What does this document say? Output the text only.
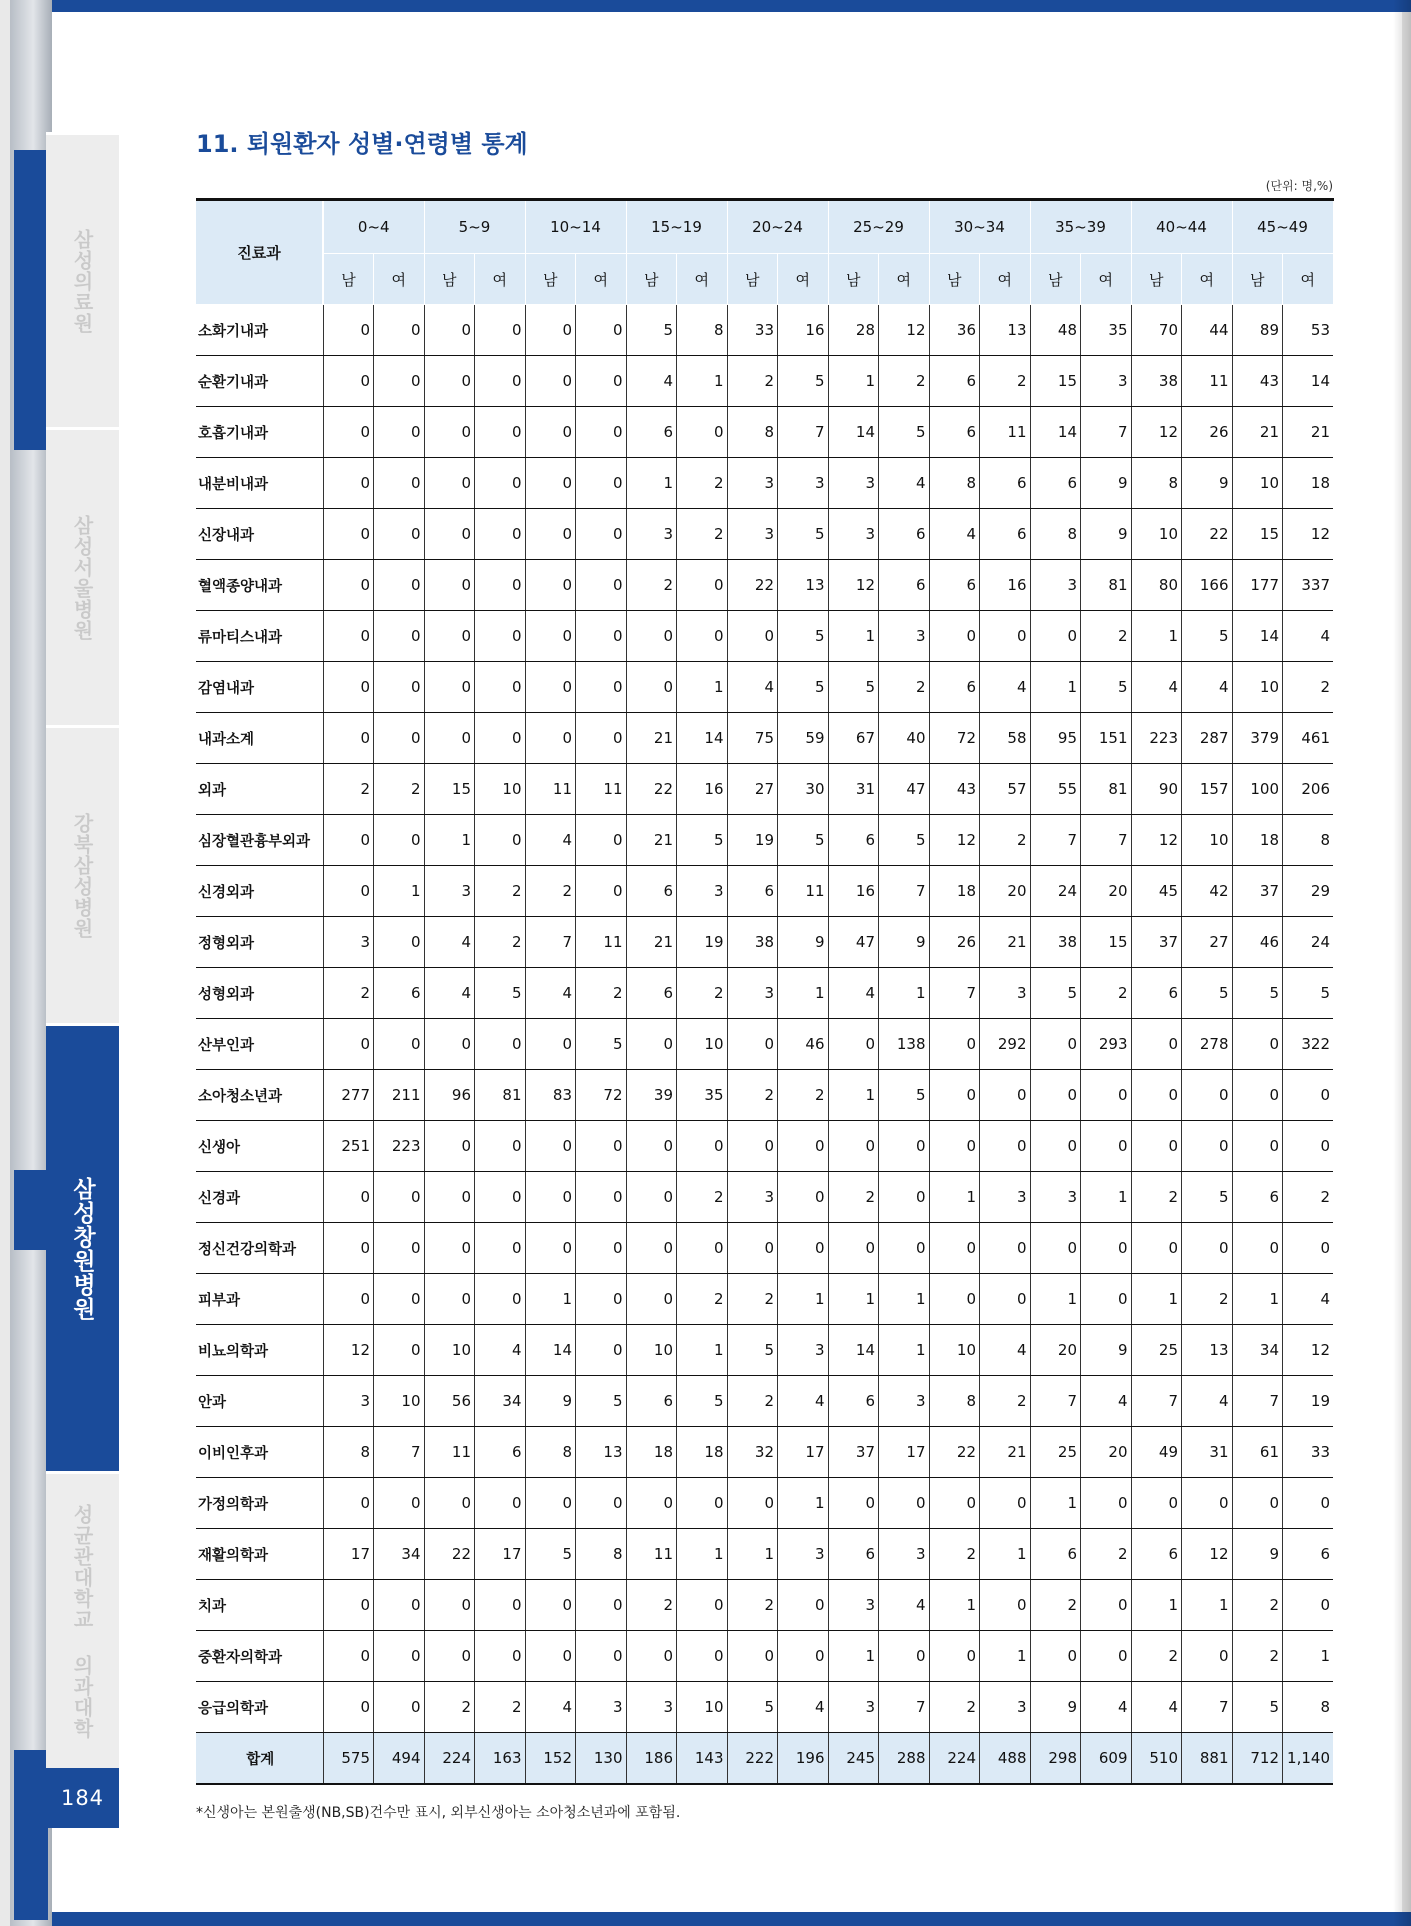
삼성의료원
삼성서울병원
강북삼성병원
삼성창원병원
성균관대학교 의과대학
184
11. 퇴원환자 성별·연령별 통계
(단위: 명,%)
진료과	0~4		5~9		10~14		15~19		20~24		25~29		30~34		35~39		40~44		45~49	
	남	여	남	여	남	여	남	여	남	여	남	여	남	여	남	여	남	여	남	여
소화기내과	0	0	0	0	0	0	5	8	33	16	28	12	36	13	48	35	70	44	89	53
순환기내과	0	0	0	0	0	0	4	1	2	5	1	2	6	2	15	3	38	11	43	14
호흡기내과	0	0	0	0	0	0	6	0	8	7	14	5	6	11	14	7	12	26	21	21
내분비내과	0	0	0	0	0	0	1	2	3	3	3	4	8	6	6	9	8	9	10	18
신장내과	0	0	0	0	0	0	3	2	3	5	3	6	4	6	8	9	10	22	15	12
혈액종양내과	0	0	0	0	0	0	2	0	22	13	12	6	6	16	3	81	80	166	177	337
류마티스내과	0	0	0	0	0	0	0	0	0	5	1	3	0	0	0	2	1	5	14	4
감염내과	0	0	0	0	0	0	0	1	4	5	5	2	6	4	1	5	4	4	10	2
내과소계	0	0	0	0	0	0	21	14	75	59	67	40	72	58	95	151	223	287	379	461
외과	2	2	15	10	11	11	22	16	27	30	31	47	43	57	55	81	90	157	100	206
심장혈관흉부외과	0	0	1	0	4	0	21	5	19	5	6	5	12	2	7	7	12	10	18	8
신경외과	0	1	3	2	2	0	6	3	6	11	16	7	18	20	24	20	45	42	37	29
정형외과	3	0	4	2	7	11	21	19	38	9	47	9	26	21	38	15	37	27	46	24
성형외과	2	6	4	5	4	2	6	2	3	1	4	1	7	3	5	2	6	5	5	5
산부인과	0	0	0	0	0	5	0	10	0	46	0	138	0	292	0	293	0	278	0	322
소아청소년과	277	211	96	81	83	72	39	35	2	2	1	5	0	0	0	0	0	0	0	0
신생아	251	223	0	0	0	0	0	0	0	0	0	0	0	0	0	0	0	0	0	0
신경과	0	0	0	0	0	0	0	2	3	0	2	0	1	3	3	1	2	5	6	2
정신건강의학과	0	0	0	0	0	0	0	0	0	0	0	0	0	0	0	0	0	0	0	0
피부과	0	0	0	0	1	0	0	2	2	1	1	1	0	0	1	0	1	2	1	4
비뇨의학과	12	0	10	4	14	0	10	1	5	3	14	1	10	4	20	9	25	13	34	12
안과	3	10	56	34	9	5	6	5	2	4	6	3	8	2	7	4	7	4	7	19
이비인후과	8	7	11	6	8	13	18	18	32	17	37	17	22	21	25	20	49	31	61	33
가정의학과	0	0	0	0	0	0	0	0	0	1	0	0	0	0	1	0	0	0	0	0
재활의학과	17	34	22	17	5	8	11	1	1	3	6	3	2	1	6	2	6	12	9	6
치과	0	0	0	0	0	0	2	0	2	0	3	4	1	0	2	0	1	1	2	0
중환자의학과	0	0	0	0	0	0	0	0	0	0	1	0	0	1	0	0	2	0	2	1
응급의학과	0	0	2	2	4	3	3	10	5	4	3	7	2	3	9	4	4	7	5	8
합계	575	494	224	163	152	130	186	143	222	196	245	288	224	488	298	609	510	881	712	1,140
*신생아는 본원출생(NB,SB)건수만 표시, 외부신생아는 소아청소년과에 포함됨.
